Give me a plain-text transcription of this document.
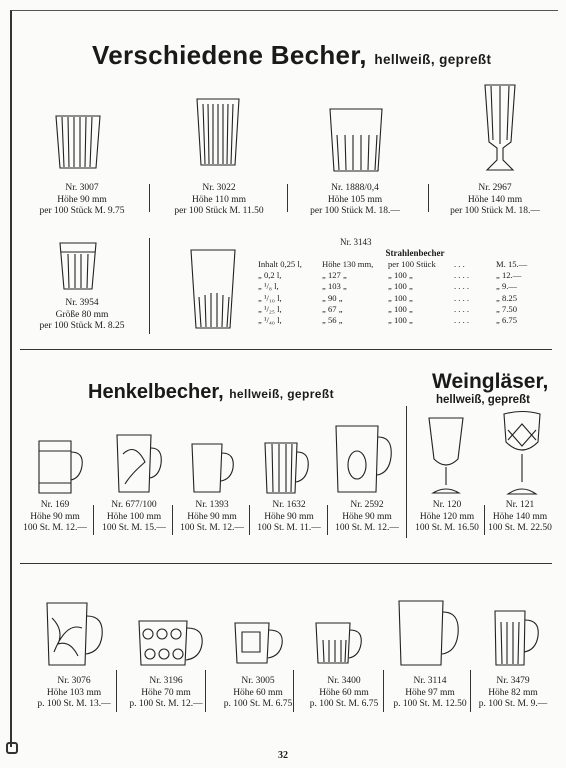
Verschiedene Becher, hellweiß, gepreßt
Nr. 3007
Höhe 90 mm
per 100 Stück M. 9.75
Nr. 3022
Höhe 110 mm
per 100 Stück M. 11.50
Nr. 1888/0,4
Höhe 105 mm
per 100 Stück M. 18.—
Nr. 2967
Höhe 140 mm
per 100 Stück M. 18.—
Nr. 3954
Größe 80 mm
per 100 Stück M. 8.25
Nr. 3143
Strahlenbecher
Inhalt 0,25 l, Höhe 130 mm, per 100 Stück . . .	M. 15.—
„ 0,2 l,	„ 127 „	„ 100 „	. . . .	„ 12.—
„ ¹/₈ l,	„ 103 „	„ 100 „	. . . .	„ 9.—
„ ¹/₁₀ l,	„ 90 „	„ 100 „	. . . .	„ 8.25
„ ¹/₂₅ l,	„ 67 „	„ 100 „	. . . .	„ 7.50
„ ¹/₄₀ l,	„ 56 „	„ 100 „	. . . .	„ 6.75
Henkelbecher, hellweiß, gepreßt
Weingläser,
hellweiß, gepreßt
Nr. 169
Höhe 90 mm
100 St. M. 12.—
Nr. 677/100
Höhe 100 mm
100 St. M. 15.—
Nr. 1393
Höhe 90 mm
100 St. M. 12.—
Nr. 1632
Höhe 90 mm
100 St. M. 11.—
Nr. 2592
Höhe 90 mm
100 St. M. 12.—
Nr. 120
Höhe 120 mm
100 St. M. 16.50
Nr. 121
Höhe 140 mm
100 St. M. 22.50
Nr. 3076
Höhe 103 mm
p. 100 St. M. 13.—
Nr. 3196
Höhe 70 mm
p. 100 St. M. 12.—
Nr. 3005
Höhe 60 mm
p. 100 St. M. 6.75
Nr. 3400
Höhe 60 mm
p. 100 St. M. 6.75
Nr. 3114
Höhe 97 mm
p. 100 St. M. 12.50
Nr. 3479
Höhe 82 mm
p. 100 St. M. 9.—
32
